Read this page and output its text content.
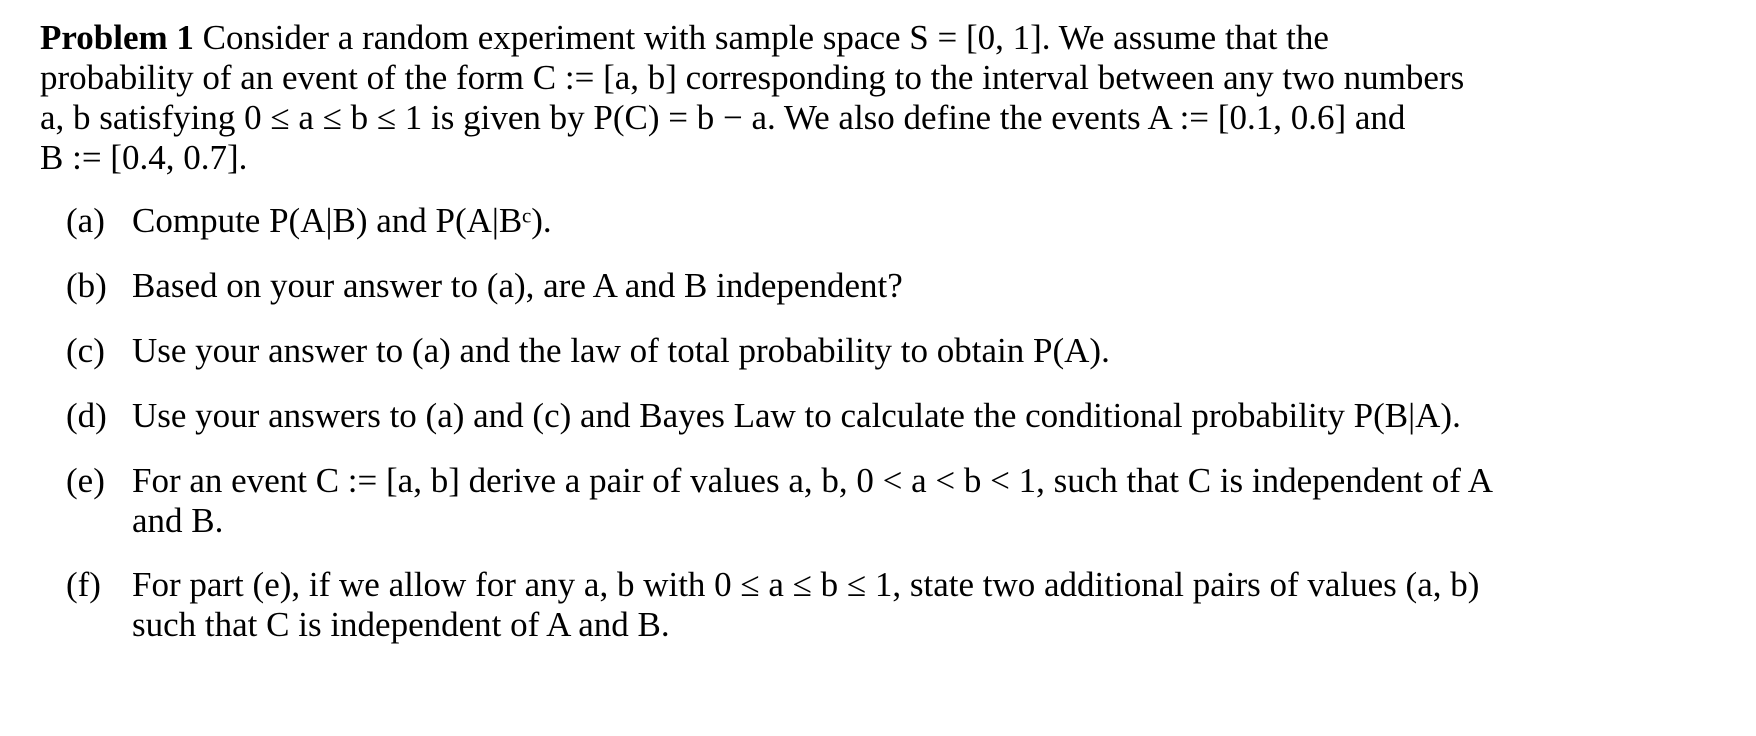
Problem 1 Consider a random experiment with sample space S = [0, 1]. We assume that the
probability of an event of the form C := [a, b] corresponding to the interval between any two numbers
a, b satisfying 0 ≤ a ≤ b ≤ 1 is given by P(C) = b − a. We also define the events A := [0.1, 0.6] and
B := [0.4, 0.7].
(a) Compute P(A|B) and P(A|Bᶜ).
(b) Based on your answer to (a), are A and B independent?
(c) Use your answer to (a) and the law of total probability to obtain P(A).
(d) Use your answers to (a) and (c) and Bayes Law to calculate the conditional probability P(B|A).
(e) For an event C := [a, b] derive a pair of values a, b, 0 < a < b < 1, such that C is independent of A
and B.
(f) For part (e), if we allow for any a, b with 0 ≤ a ≤ b ≤ 1, state two additional pairs of values (a, b)
such that C is independent of A and B.
